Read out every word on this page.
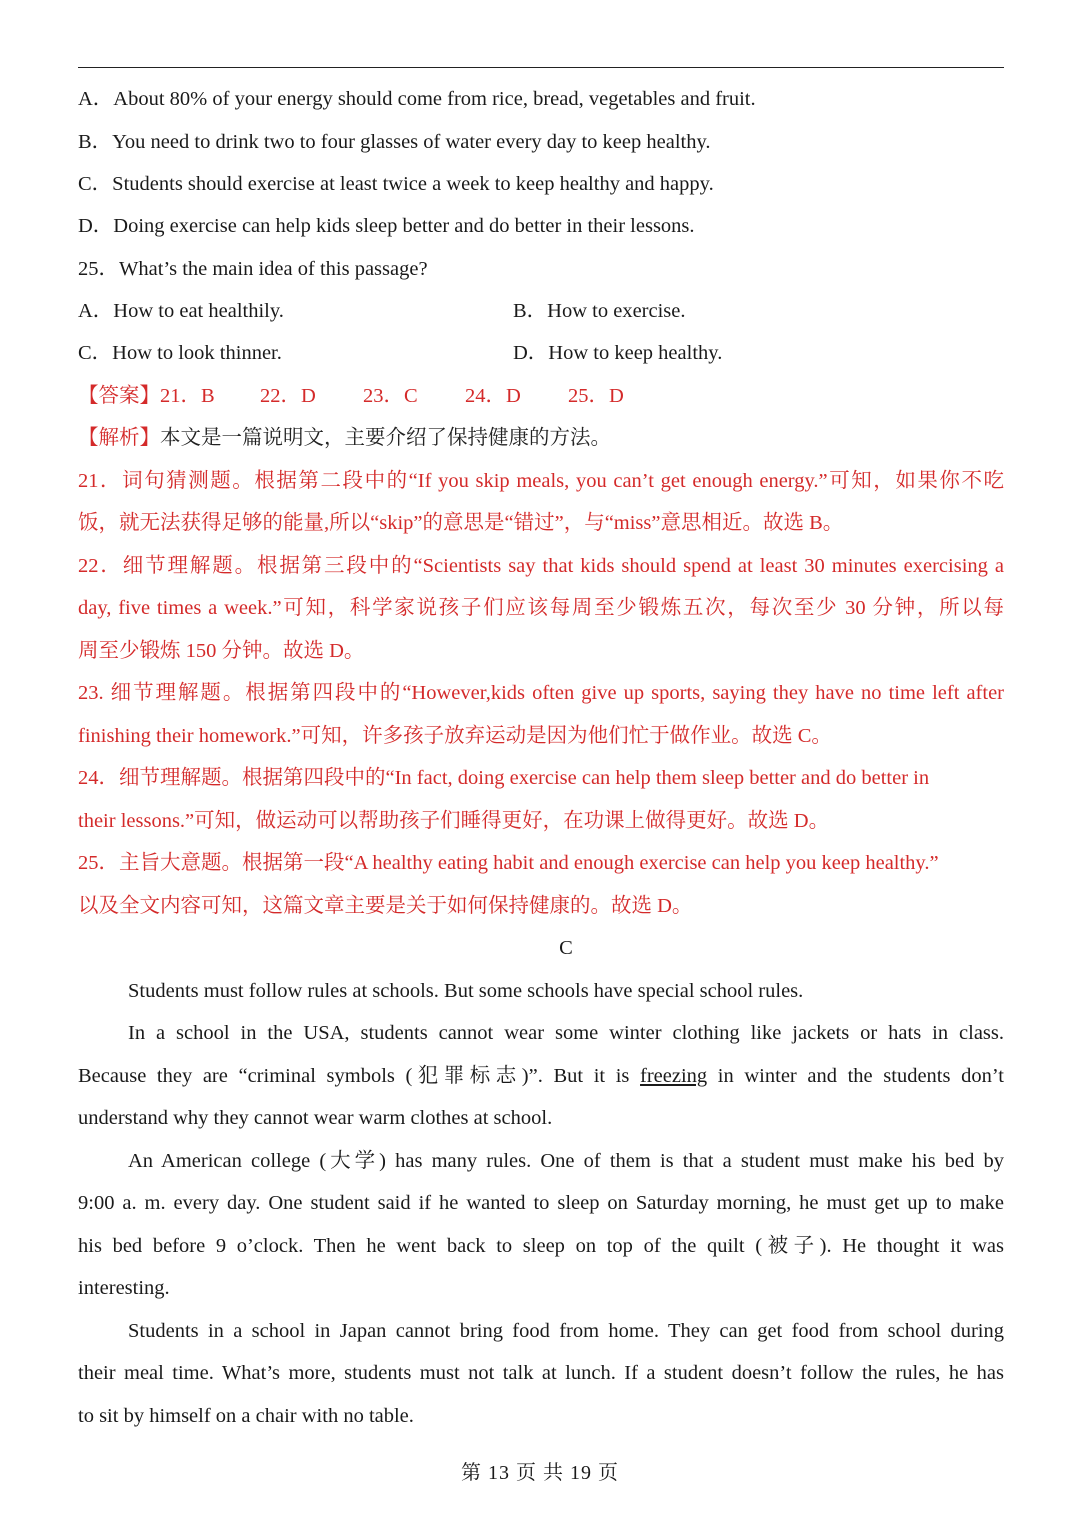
A．About 80% of your energy should come from rice, bread, vegetables and fruit.
B．You need to drink two to four glasses of water every day to keep healthy.
C．Students should exercise at least twice a week to keep healthy and happy.
D．Doing exercise can help kids sleep better and do better in their lessons.
25．What’s the main idea of this passage?
A．How to eat healthily.	B．How to exercise.
C．How to look thinner.	D．How to keep healthy.
【答案】21．B 22．D 23．C 24．D 25．D
【解析】本文是一篇说明文，主要介绍了保持健康的方法。
21．词句猜测题。根据第二段中的“If you skip meals, you can’t get enough energy.”可知，如果你不吃
饭，就无法获得足够的能量,所以“skip”的意思是“错过”，与“miss”意思相近。故选 B。
22．细节理解题。根据第三段中的“Scientists say that kids should spend at least 30 minutes exercising a
day, five times a week.”可知，科学家说孩子们应该每周至少锻炼五次，每次至少 30 分钟，所以每
周至少锻炼 150 分钟。故选 D。
23. 细节理解题。根据第四段中的“However,kids often give up sports, saying they have no time left after
finishing their homework.”可知，许多孩子放弃运动是因为他们忙于做作业。故选 C。
24．细节理解题。根据第四段中的“In fact, doing exercise can help them sleep better and do better in
their lessons.”可知，做运动可以帮助孩子们睡得更好，在功课上做得更好。故选 D。
25．主旨大意题。根据第一段“A healthy eating habit and enough exercise can help you keep healthy.”
以及全文内容可知，这篇文章主要是关于如何保持健康的。故选 D。
C
Students must follow rules at schools. But some schools have special school rules.
In a school in the USA, students cannot wear some winter clothing like jackets or hats in class.
Because they are “criminal symbols (犯罪标志)”. But it is freezing in winter and the students don’t
understand why they cannot wear warm clothes at school.
An American college (大学) has many rules. One of them is that a student must make his bed by
9:00 a. m. every day. One student said if he wanted to sleep on Saturday morning, he must get up to make
his bed before 9 o’clock. Then he went back to sleep on top of the quilt (被子). He thought it was
interesting.
Students in a school in Japan cannot bring food from home. They can get food from school during
their meal time. What’s more, students must not talk at lunch. If a student doesn’t follow the rules, he has
to sit by himself on a chair with no table.
第 13 页 共 19 页
